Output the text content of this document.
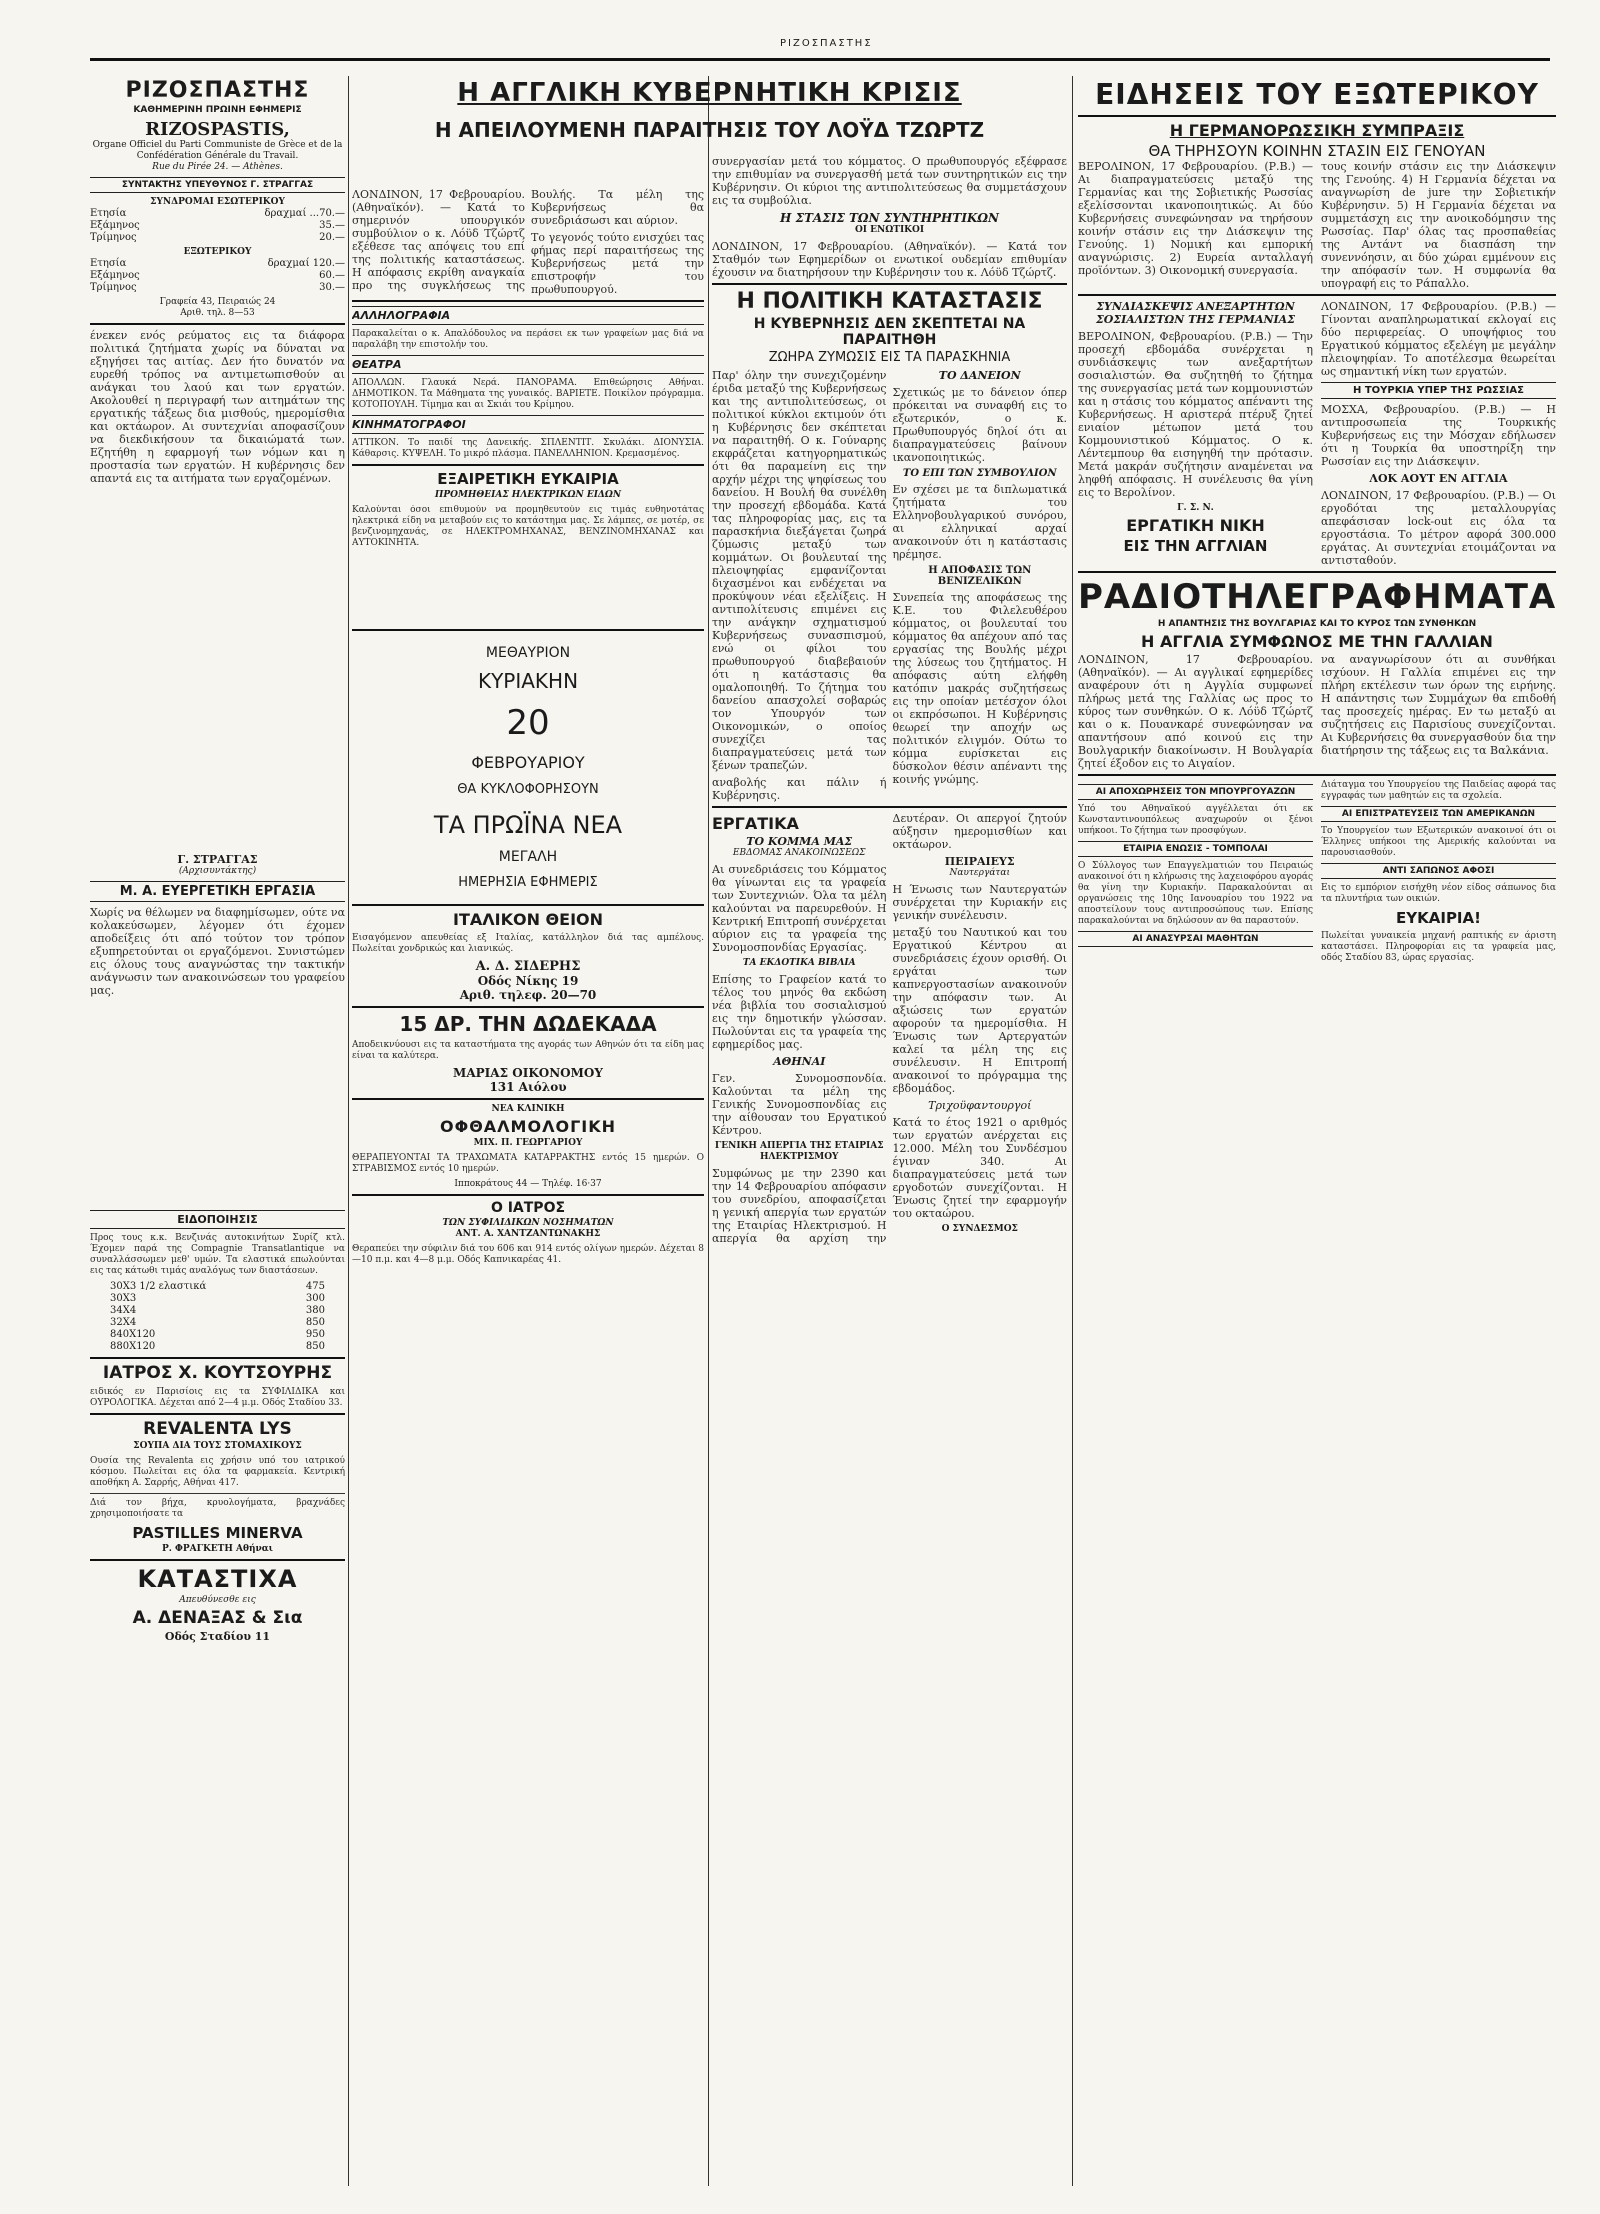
ΡΙΖΟΣΠΑΣΤΗΣ
ΡΙΖΟΣΠΑΣΤΗΣ
ΚΑΘΗΜΕΡΙΝΗ ΠΡΩΙΝΗ ΕΦΗΜΕΡΙΣ
RIZOSPASTIS,
Organe Officiel du Parti Communiste de Grèce et de la Confédération Générale du Travail.
Rue du Pirée 24. — Athènes.
ΣΥΝΤΑΚΤΗΣ ΥΠΕΥΘΥΝΟΣ Γ. ΣΤΡΑΓΓΑΣ
ΣΥΝΔΡΟΜΑΙ ΕΣΩΤΕΡΙΚΟΥ
Ετησία	δραχμαί ...70.—
Εξάμηνος	35.—
Τρίμηνος	20.—
ΕΞΩΤΕΡΙΚΟΥ
Ετησία	δραχμαί 120.—
Εξάμηνος	60.—
Τρίμηνος	30.—
Γραφεία 43, Πειραιώς 24
Αριθ. τηλ. 8—53
ένεκεν ενός ρεύματος εις τα διάφορα πολιτικά ζητήματα χωρίς να δύναται να εξηγήσει τας αιτίας. Δεν ήτο δυνατόν να ευρεθή τρόπος να αντιμετωπισθούν αι ανάγκαι του λαού και των εργατών. Ακολουθεί η περιγραφή των αιτημάτων της εργατικής τάξεως δια μισθούς, ημερομίσθια και οκτάωρον. Αι συντεχνίαι αποφασίζουν να διεκδικήσουν τα δικαιώματά των. Εζητήθη η εφαρμογή των νόμων και η προστασία των εργατών. Η κυβέρνησις δεν απαντά εις τα αιτήματα των εργαζομένων.
Γ. ΣΤΡΑΓΓΑΣ
(Αρχισυντάκτης)
Μ. Α. ΕΥΕΡΓΕΤΙΚΗ ΕΡΓΑΣΙΑ
Χωρίς να θέλωμεν να διαφημίσωμεν, ούτε να κολακεύσωμεν, λέγομεν ότι έχομεν αποδείξεις ότι από τούτον τον τρόπον εξυπηρετούνται οι εργαζόμενοι. Συνιστώμεν εις όλους τους αναγνώστας την τακτικήν ανάγνωσιν των ανακοινώσεων του γραφείου μας.
ΕΙΔΟΠΟΙΗΣΙΣ
Προς τους κ.κ. Βενζινάς αυτοκινήτων Συρίζ κτλ. Έχομεν παρά της Compagnie Transatlantique να συναλλάσσωμεν μεθ' υμών. Τα ελαστικά επωλούνται εις τας κάτωθι τιμάς αναλόγως των διαστάσεων.
30X3 1/2 ελαστικά	475
30X3	300
34X4	380
32X4	850
840X120	950
880X120	850
ΙΑΤΡΟΣ Χ. ΚΟΥΤΣΟΥΡΗΣ
ειδικός εν Παρισίοις εις τα ΣΥΦΙΛΙΔΙΚΑ και ΟΥΡΟΛΟΓΙΚΑ. Δέχεται από 2—4 μ.μ. Οδός Σταδίου 33.
REVALENTA LYS
ΣΟΥΠΑ ΔΙΑ ΤΟΥΣ ΣΤΟΜΑΧΙΚΟΥΣ
Ουσία της Revalenta εις χρήσιν υπό του ιατρικού κόσμου. Πωλείται εις όλα τα φαρμακεία. Κεντρική αποθήκη Α. Σαρρής, Αθήναι 417.
Διά τον βήχα, κρυολογήματα, βραχνάδες χρησιμοποιήσατε τα
PASTILLES MINERVA
Ρ. ΦΡΑΓΚΕΤΗ Αθήναι
ΚΑΤΑΣΤΙΧΑ
Απευθύνεσθε εις
Α. ΔΕΝΑΞΑΣ & Σια
Οδός Σταδίου 11
ΛΟΝΔΙΝΟΝ, 17 Φεβρουαρίου. (Αθηναϊκόν). — Κατά το σημερινόν υπουργικόν συμβούλιον ο κ. Λόϋδ Τζώρτζ εξέθεσε τας απόψεις του επί της πολιτικής καταστάσεως. Η απόφασις εκρίθη αναγκαία προ της συγκλήσεως της Βουλής. Τα μέλη της Κυβερνήσεως θα συνεδριάσωσι και αύριον.
Το γεγονός τούτο ενισχύει τας φήμας περί παραιτήσεως της Κυβερνήσεως μετά την επιστροφήν του πρωθυπουργού.
ΑΛΛΗΛΟΓΡΑΦΙΑ
Παρακαλείται ο κ. Απαλόδουλος να περάσει εκ των γραφείων μας διά να παραλάβη την επιστολήν του.
ΘΕΑΤΡΑ
ΑΠΟΛΛΩΝ. Γλαυκά Νερά. ΠΑΝΟΡΑΜΑ. Επιθεώρησις Αθήναι. ΔΗΜΟΤΙΚΟΝ. Τα Μάθηματα της γυναικός. ΒΑΡΙΕΤΕ. Ποικίλον πρόγραμμα. ΚΟΤΟΠΟΥΛΗ. Τίμημα και αι Σκιάι του Κρίμηου.
ΚΙΝΗΜΑΤΟΓΡΑΦΟΙ
ΑΤΤΙΚΟΝ. Το παιδί της Δανεικής. ΣΠΛΕΝΤΙΤ. Σκυλάκι. ΔΙΟΝΥΣΙΑ. Κάθαρσις. ΚΥΨΕΛΗ. Το μικρό πλάσμα. ΠΑΝΕΛΛΗΝΙΟΝ. Κρεμασμένος.
ΕΞΑΙΡΕΤΙΚΗ ΕΥΚΑΙΡΙΑ
ΠΡΟΜΗΘΕΙΑΣ ΗΛΕΚΤΡΙΚΩΝ ΕΙΔΩΝ
Καλούνται όσοι επιθυμούν να προμηθευτούν εις τιμάς ευθηνοτάτας ηλεκτρικά είδη να μεταβούν εις το κατάστημα μας. Σε λάμπες, σε μοτέρ, σε βενζινομηχανάς, σε ΗΛΕΚΤΡΟΜΗΧΑΝΑΣ, ΒΕΝΖΙΝΟΜΗΧΑΝΑΣ και ΑΥΤΟΚΙΝΗΤΑ.
ΜΕΘΑΥΡΙΟΝ
ΚΥΡΙΑΚΗΝ
20
ΦΕΒΡΟΥΑΡΙΟΥ
ΘΑ ΚΥΚΛΟΦΟΡΗΣΟΥΝ
ΤΑ ΠΡΩΪΝΑ ΝΕΑ
ΜΕΓΑΛΗ
ΗΜΕΡΗΣΙΑ ΕΦΗΜΕΡΙΣ
ΙΤΑΛΙΚΟΝ ΘΕΙΟΝ
Εισαγόμενον απευθείας εξ Ιταλίας, κατάλληλον διά τας αμπέλους. Πωλείται χονδρικώς και λιανικώς.
Α. Δ. ΣΙΔΕΡΗΣ
Οδός Νίκης 19
Αριθ. τηλεφ. 20—70
15 ΔΡ. ΤΗΝ ΔΩΔΕΚΑΔΑ
Αποδεικνύουσι εις τα καταστήματα της αγοράς των Αθηνών ότι τα είδη μας είναι τα καλύτερα.
ΜΑΡΙΑΣ ΟΙΚΟΝΟΜΟΥ
131 Αιόλου
ΝΕΑ ΚΛΙΝΙΚΗ
ΟΦΘΑΛΜΟΛΟΓΙΚΗ
ΜΙΧ. Π. ΓΕΩΡΓΑΡΙΟΥ
ΘΕΡΑΠΕΥΟΝΤΑΙ ΤΑ ΤΡΑΧΩΜΑΤΑ ΚΑΤΑΡΡΑΚΤΗΣ εντός 15 ημερών. Ο ΣΤΡΑΒΙΣΜΟΣ εντός 10 ημερών.
Ιπποκράτους 44 — Τηλέφ. 16·37
Ο ΙΑΤΡΟΣ
ΤΩΝ ΣΥΦΙΛΙΔΙΚΩΝ ΝΟΣΗΜΑΤΩΝ
ΑΝΤ. Α. ΧΑΝΤΖΑΝΤΩΝΑΚΗΣ
Θεραπεύει την σύφιλιν διά του 606 και 914 εντός ολίγων ημερών. Δέχεται 8—10 π.μ. και 4—8 μ.μ. Οδός Καπνικαρέας 41.
Η ΑΓΓΛΙΚΗ ΚΥΒΕΡΝΗΤΙΚΗ ΚΡΙΣΙΣ
Η ΑΠΕΙΛΟΥΜΕΝΗ ΠΑΡΑΙΤΗΣΙΣ ΤΟΥ ΛΟΫΔ ΤΖΩΡΤΖ
συνεργασίαν μετά του κόμματος. Ο πρωθυπουργός εξέφρασε την επιθυμίαν να συνεργασθή μετά των συντηρητικών εις την Κυβέρνησιν. Οι κύριοι της αντιπολιτεύσεως θα συμμετάσχουν εις τα συμβούλια.
Η ΣΤΑΣΙΣ ΤΩΝ ΣΥΝΤΗΡΗΤΙΚΩΝ
ΟΙ ΕΝΩΤΙΚΟΙ
ΛΟΝΔΙΝΟΝ, 17 Φεβρουαρίου. (Αθηναϊκόν). — Κατά τον Σταθμόν των Εφημερίδων οι ενωτικοί ουδεμίαν επιθυμίαν έχουσιν να διατηρήσουν την Κυβέρνησιν του κ. Λόϋδ Τζώρτζ.
Η ΠΟΛΙΤΙΚΗ ΚΑΤΑΣΤΑΣΙΣ
Η ΚΥΒΕΡΝΗΣΙΣ ΔΕΝ ΣΚΕΠΤΕΤΑΙ ΝΑ ΠΑΡΑΙΤΗΘΗ
ΖΩΗΡΑ ΖΥΜΩΣΙΣ ΕΙΣ ΤΑ ΠΑΡΑΣΚΗΝΙΑ
Παρ' όλην την συνεχιζομένην έριδα μεταξύ της Κυβερνήσεως και της αντιπολιτεύσεως, οι πολιτικοί κύκλοι εκτιμούν ότι η Κυβέρνησις δεν σκέπτεται να παραιτηθή. Ο κ. Γούναρης εκφράζεται κατηγορηματικώς ότι θα παραμείνη εις την αρχήν μέχρι της ψηφίσεως του δανείου. Η Βουλή θα συνέλθη την προσεχή εβδομάδα. Κατά τας πληροφορίας μας, εις τα παρασκήνια διεξάγεται ζωηρά ζύμωσις μεταξύ των κομμάτων. Οι βουλευταί της πλειοψηφίας εμφανίζονται διχασμένοι και ενδέχεται να προκύψουν νέαι εξελίξεις. Η αντιπολίτευσις επιμένει εις την ανάγκην σχηματισμού Κυβερνήσεως συνασπισμού, ενώ οι φίλοι του πρωθυπουργού διαβεβαιούν ότι η κατάστασις θα ομαλοποιηθή. Το ζήτημα του δανείου απασχολεί σοβαρώς τον Υπουργόν των Οικονομικών, ο οποίος συνεχίζει τας διαπραγματεύσεις μετά των ξένων τραπεζών.
αναβολής και πάλιν ή Κυβέρνησις.
ΤΟ ΔΑΝΕΙΟΝ
Σχετικώς με το δάνειον όπερ πρόκειται να συναφθή εις το εξωτερικόν, ο κ. Πρωθυπουργός δηλοί ότι αι διαπραγματεύσεις βαίνουν ικανοποιητικώς.
ΤΟ ΕΠΙ ΤΩΝ ΣΥΜΒΟΥΛΙΟΝ
Εν σχέσει με τα διπλωματικά ζητήματα του Ελληνοβουλγαρικού συνόρου, αι ελληνικαί αρχαί ανακοινούν ότι η κατάστασις ηρέμησε.
Η ΑΠΟΦΑΣΙΣ ΤΩΝ ΒΕΝΙΖΕΛΙΚΩΝ
Συνεπεία της αποφάσεως της Κ.Ε. του Φιλελευθέρου κόμματος, οι βουλευταί του κόμματος θα απέχουν από τας εργασίας της Βουλής μέχρι της λύσεως του ζητήματος. Η απόφασις αύτη ελήφθη κατόπιν μακράς συζητήσεως εις την οποίαν μετέσχον όλοι οι εκπρόσωποι. Η Κυβέρνησις θεωρεί την αποχήν ως πολιτικόν ελιγμόν. Ούτω το κόμμα ευρίσκεται εις δύσκολον θέσιν απέναντι της κοινής γνώμης.
ΕΡΓΑΤΙΚΑ
ΤΟ ΚΟΜΜΑ ΜΑΣ
ΕΒΔΟΜΑΣ ΑΝΑΚΟΙΝΩΣΕΩΣ
Αι συνεδριάσεις του Κόμματος θα γίνωνται εις τα γραφεία των Συντεχνιών. Όλα τα μέλη καλούνται να παρευρεθούν. Η Κεντρική Επιτροπή συνέρχεται αύριον εις τα γραφεία της Συνομοσπονδίας Εργασίας.
ΤΑ ΕΚΔΟΤΙΚΑ ΒΙΒΛΙΑ
Επίσης το Γραφείον κατά το τέλος του μηνός θα εκδώση νέα βιβλία του σοσιαλισμού εις την δημοτικήν γλώσσαν. Πωλούνται εις τα γραφεία της εφημερίδος μας.
ΑΘΗΝΑΙ
Γεν. Συνομοσπονδία. Καλούνται τα μέλη της Γενικής Συνομοσπονδίας εις την αίθουσαν του Εργατικού Κέντρου.
ΓΕΝΙΚΗ ΑΠΕΡΓΙΑ ΤΗΣ ΕΤΑΙΡΙΑΣ ΗΛΕΚΤΡΙΣΜΟΥ
Συμφώνως με την 2390 και την 14 Φεβρουαρίου απόφασιν του συνεδρίου, αποφασίζεται η γενική απεργία των εργατών της Εταιρίας Ηλεκτρισμού. Η απεργία θα αρχίση την Δευτέραν. Οι απεργοί ζητούν αύξησιν ημερομισθίων και οκτάωρον.
ΠΕΙΡΑΙΕΥΣ
Ναυτεργάται
Η Ένωσις των Ναυτεργατών συνέρχεται την Κυριακήν εις γενικήν συνέλευσιν.
μεταξύ του Ναυτικού και του Εργατικού Κέντρου αι συνεδριάσεις έχουν ορισθή. Οι εργάται των καπνεργοστασίων ανακοινούν την απόφασιν των. Αι αξιώσεις των εργατών αφορούν τα ημερομίσθια. Η Ένωσις των Αρτεργατών καλεί τα μέλη της εις συνέλευσιν. Η Επιτροπή ανακοινοί το πρόγραμμα της εβδομάδος.
Τριχοϋφαντουργοί
Κατά το έτος 1921 ο αριθμός των εργατών ανέρχεται εις 12.000. Μέλη του Συνδέσμου έγιναν 340. Αι διαπραγματεύσεις μετά των εργοδοτών συνεχίζονται. Η Ένωσις ζητεί την εφαρμογήν του οκταώρου.
Ο ΣΥΝΔΕΣΜΟΣ
ΕΙΔΗΣΕΙΣ ΤΟΥ ΕΞΩΤΕΡΙΚΟΥ
Η ΓΕΡΜΑΝΟΡΩΣΣΙΚΗ ΣΥΜΠΡΑΞΙΣ
ΘΑ ΤΗΡΗΣΟΥΝ ΚΟΙΝΗΝ ΣΤΑΣΙΝ ΕΙΣ ΓΕΝΟΥΑΝ
ΒΕΡΟΛΙΝΟΝ, 17 Φεβρουαρίου. (Ρ.Β.) — Αι διαπραγματεύσεις μεταξύ της Γερμανίας και της Σοβιετικής Ρωσσίας εξελίσσονται ικανοποιητικώς. Αι δύο Κυβερνήσεις συνεφώνησαν να τηρήσουν κοινήν στάσιν εις την Διάσκεψιν της Γενούης. 1) Νομική και εμπορική αναγνώρισις. 2) Ευρεία ανταλλαγή προϊόντων. 3) Οικονομική συνεργασία.
τους κοινήν στάσιν εις την Διάσκεψιν της Γενούης. 4) Η Γερμανία δέχεται να αναγνωρίση de jure την Σοβιετικήν Κυβέρνησιν. 5) Η Γερμανία δέχεται να συμμετάσχη εις την ανοικοδόμησιν της Ρωσσίας. Παρ' όλας τας προσπαθείας της Αντάντ να διασπάση την συνεννόησιν, αι δύο χώραι εμμένουν εις την απόφασίν των. Η συμφωνία θα υπογραφή εις το Ράπαλλο.
ΣΥΝΔΙΑΣΚΕΨΙΣ ΑΝΕΞΑΡΤΗΤΩΝ ΣΟΣΙΑΛΙΣΤΩΝ ΤΗΣ ΓΕΡΜΑΝΙΑΣ
ΒΕΡΟΛΙΝΟΝ, Φεβρουαρίου. (Ρ.Β.) — Την προσεχή εβδομάδα συνέρχεται η συνδιάσκεψις των ανεξαρτήτων σοσιαλιστών. Θα συζητηθή το ζήτημα της συνεργασίας μετά των κομμουνιστών και η στάσις του κόμματος απέναντι της Κυβερνήσεως. Η αριστερά πτέρυξ ζητεί ενιαίον μέτωπον μετά του Κομμουνιστικού Κόμματος. Ο κ. Λέντεμπουρ θα εισηγηθή την πρότασιν. Μετά μακράν συζήτησιν αναμένεται να ληφθή απόφασις. Η συνέλευσις θα γίνη εις το Βερολίνον.
Γ. Σ. Ν.
ΕΡΓΑΤΙΚΗ ΝΙΚΗ
ΕΙΣ ΤΗΝ ΑΓΓΛΙΑΝ
ΛΟΝΔΙΝΟΝ, 17 Φεβρουαρίου. (Ρ.Β.) — Γίνονται αναπληρωματικαί εκλογαί εις δύο περιφερείας. Ο υποψήφιος του Εργατικού κόμματος εξελέγη με μεγάλην πλειοψηφίαν. Το αποτέλεσμα θεωρείται ως σημαντική νίκη των εργατών.
Η ΤΟΥΡΚΙΑ ΥΠΕΡ ΤΗΣ ΡΩΣΣΙΑΣ
ΜΟΣΧΑ, Φεβρουαρίου. (Ρ.Β.) — Η αντιπροσωπεία της Τουρκικής Κυβερνήσεως εις την Μόσχαν εδήλωσεν ότι η Τουρκία θα υποστηρίξη την Ρωσσίαν εις την Διάσκεψιν.
ΛΟΚ ΑΟΥΤ ΕΝ ΑΓΓΛΙΑ
ΛΟΝΔΙΝΟΝ, 17 Φεβρουαρίου. (Ρ.Β.) — Οι εργοδόται της μεταλλουργίας απεφάσισαν lock-out εις όλα τα εργοστάσια. Το μέτρον αφορά 300.000 εργάτας. Αι συντεχνίαι ετοιμάζονται να αντισταθούν.
ΡΑΔΙΟΤΗΛΕΓΡΑΦΗΜΑΤΑ
Η ΑΠΑΝΤΗΣΙΣ ΤΗΣ ΒΟΥΛΓΑΡΙΑΣ ΚΑΙ ΤΟ ΚΥΡΟΣ ΤΩΝ ΣΥΝΘΗΚΩΝ
Η ΑΓΓΛΙΑ ΣΥΜΦΩΝΟΣ ΜΕ ΤΗΝ ΓΑΛΛΙΑΝ
ΛΟΝΔΙΝΟΝ, 17 Φεβρουαρίου. (Αθηναϊκόν). — Αι αγγλικαί εφημερίδες αναφέρουν ότι η Αγγλία συμφωνεί πλήρως μετά της Γαλλίας ως προς το κύρος των συνθηκών. Ο κ. Λόϋδ Τζώρτζ και ο κ. Πουανκαρέ συνεφώνησαν να απαντήσουν από κοινού εις την Βουλγαρικήν διακοίνωσιν. Η Βουλγαρία ζητεί έξοδον εις το Αιγαίον.
να αναγνωρίσουν ότι αι συνθήκαι ισχύουν. Η Γαλλία επιμένει εις την πλήρη εκτέλεσιν των όρων της ειρήνης. Η απάντησις των Συμμάχων θα επιδοθή τας προσεχείς ημέρας. Εν τω μεταξύ αι συζητήσεις εις Παρισίους συνεχίζονται. Αι Κυβερνήσεις θα συνεργασθούν δια την διατήρησιν της τάξεως εις τα Βαλκάνια.
ΑΙ ΑΠΟΧΩΡΗΣΕΙΣ ΤΟΝ ΜΠΟΥΡΓΟΥΑΖΩΝ
Υπό του Αθηναϊκού αγγέλλεται ότι εκ Κωνσταντινουπόλεως αναχωρούν οι ξένοι υπήκοοι. Το ζήτημα των προσφύγων.
ΕΤΑΙΡΙΑ ΕΝΩΣΙΣ - ΤΟΜΠΟΛΑΙ
Ο Σύλλογος των Επαγγελματιών του Πειραιώς ανακοινοί ότι η κλήρωσις της λαχειοφόρου αγοράς θα γίνη την Κυριακήν. Παρακαλούνται αι οργανώσεις της 10ης Ιανουαρίου του 1922 να αποστείλουν τους αντιπροσώπους των. Επίσης παρακαλούνται να δηλώσουν αν θα παραστούν.
ΑΙ ΑΝΑΣΥΡΣΑΙ ΜΑΘΗΤΩΝ
Διάταγμα του Υπουργείου της Παιδείας αφορά τας εγγραφάς των μαθητών εις τα σχολεία.
ΑΙ ΕΠΙΣΤΡΑΤΕΥΣΕΙΣ ΤΩΝ ΑΜΕΡΙΚΑΝΩΝ
Το Υπουργείον των Εξωτερικών ανακοινοί ότι οι Έλληνες υπήκοοι της Αμερικής καλούνται να παρουσιασθούν.
ΑΝΤΙ ΣΑΠΩΝΟΣ ΑΦΟΣΙ
Εις το εμπόριον εισήχθη νέον είδος σάπωνος δια τα πλυντήρια των οικιών.
ΕΥΚΑΙΡΙΑ!
Πωλείται γυναικεία μηχανή ραπτικής εν άριστη καταστάσει. Πληροφορίαι εις τα γραφεία μας, οδός Σταδίου 83, ώρας εργασίας.
